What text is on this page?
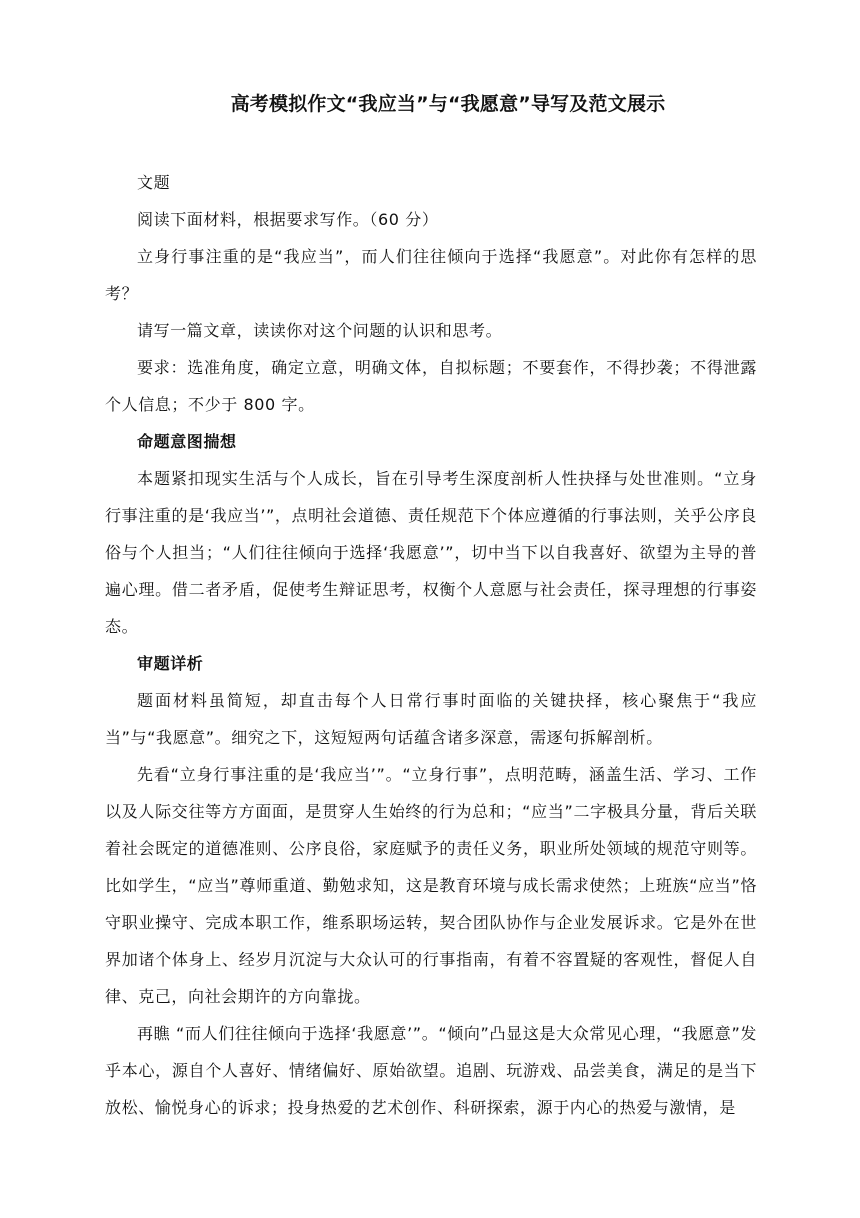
高考模拟作文“我应当”与“我愿意”导写及范文展示

文题

阅读下面材料，根据要求写作。（60 分）

立身行事注重的是“我应当”，而人们往往倾向于选择“我愿意”。对此你有怎样的思考？

请写一篇文章，读读你对这个问题的认识和思考。

要求：选准角度，确定立意，明确文体，自拟标题；不要套作，不得抄袭；不得泄露个人信息；不少于 800 字。

命题意图揣想

本题紧扣现实生活与个人成长，旨在引导考生深度剖析人性抉择与处世准则。“立身行事注重的是‘我应当’”，点明社会道德、责任规范下个体应遵循的行事法则，关乎公序良俗与个人担当；“人们往往倾向于选择‘我愿意’”，切中当下以自我喜好、欲望为主导的普遍心理。借二者矛盾，促使考生辩证思考，权衡个人意愿与社会责任，探寻理想的行事姿态。

审题详析

题面材料虽简短，却直击每个人日常行事时面临的关键抉择，核心聚焦于“我应当”与“我愿意”。细究之下，这短短两句话蕴含诸多深意，需逐句拆解剖析。

先看“立身行事注重的是‘我应当’”。“立身行事”，点明范畴，涵盖生活、学习、工作以及人际交往等方方面面，是贯穿人生始终的行为总和；“应当”二字极具分量，背后关联着社会既定的道德准则、公序良俗，家庭赋予的责任义务，职业所处领域的规范守则等。比如学生，“应当”尊师重道、勤勉求知，这是教育环境与成长需求使然；上班族“应当”恪守职业操守、完成本职工作，维系职场运转，契合团队协作与企业发展诉求。它是外在世界加诸个体身上、经岁月沉淀与大众认可的行事指南，有着不容置疑的客观性，督促人自律、克己，向社会期许的方向靠拢。

再瞧 “而人们往往倾向于选择‘我愿意’”。“倾向”凸显这是大众常见心理，“我愿意”发乎本心，源自个人喜好、情绪偏好、原始欲望。追剧、玩游戏、品尝美食，满足的是当下放松、愉悦身心的诉求；投身热爱的艺术创作、科研探索，源于内心的热爱与激情，是
